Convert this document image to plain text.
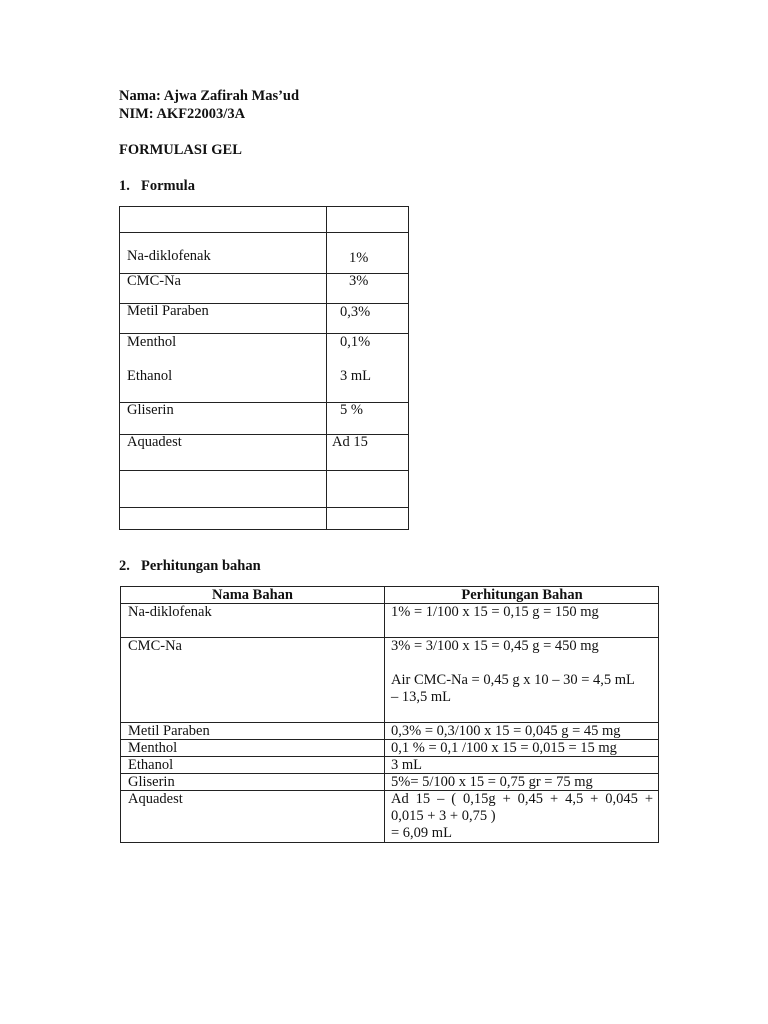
Nama: Ajwa Zafirah Mas’ud
NIM: AKF22003/3A
FORMULASI GEL
1. Formula
Na-diklofenak	1%
CMC-Na	3%
Metil Paraben	0,3%
Menthol	0,1%
Ethanol	3 mL
Gliserin	5 %
Aquadest	Ad 15
2. Perhitungan bahan
Nama Bahan	Perhitungan Bahan
Na-diklofenak	1% = 1/100 x 15 = 0,15 g = 150 mg
CMC-Na	3% = 3/100 x 15 = 0,45 g = 450 mg
Air CMC-Na = 0,45 g x 10 – 30 = 4,5 mL
– 13,5 mL
Metil Paraben	0,3% = 0,3/100 x 15 = 0,045 g = 45 mg
Menthol	0,1 % = 0,1 /100 x 15 = 0,015 = 15 mg
Ethanol	3 mL
Gliserin	5%= 5/100 x 15 = 0,75 gr = 75 mg
Aquadest	Ad 15 – ( 0,15g + 0,45 + 4,5 + 0,045 +
0,015 + 3 + 0,75 )
= 6,09 mL
